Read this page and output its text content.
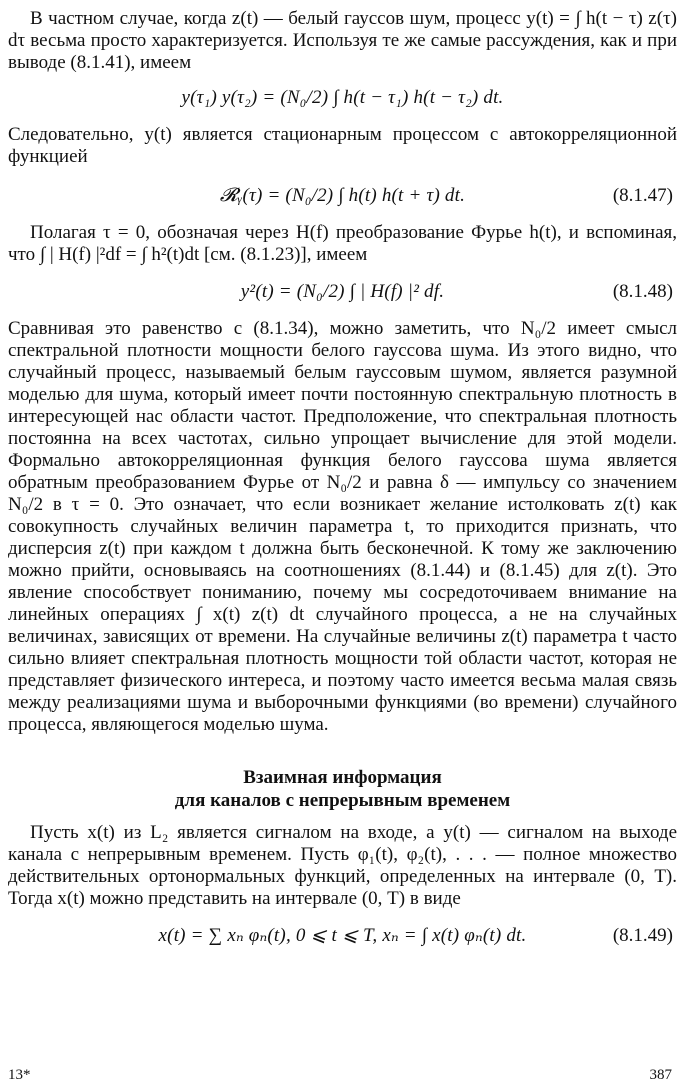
В частном случае, когда z(t) — белый гауссов шум, процесс y(t) = ∫ h(t − τ) z(τ) dτ весьма просто характеризуется. Используя те же самые рассуждения, как и при выводе (8.1.41), имеем

y(τ₁) y(τ₂) = (N₀/2) ∫ h(t − τ₁) h(t − τ₂) dt.

Следовательно, y(t) является стационарным процессом с автокорреляционной функцией

𝓡ᵧ(τ) = (N₀/2) ∫ h(t) h(t + τ) dt.	(8.1.47)

Полагая τ = 0, обозначая через H(f) преобразование Фурье h(t), и вспоминая, что ∫ | H(f) |²df = ∫ h²(t)dt [см. (8.1.23)], имеем

y²(t) = (N₀/2) ∫ | H(f) |² df.	(8.1.48)

Сравнивая это равенство с (8.1.34), можно заметить, что N₀/2 имеет смысл спектральной плотности мощности белого гауссова шума. Из этого видно, что случайный процесс, называемый белым гауссовым шумом, является разумной моделью для шума, который имеет почти постоянную спектральную плотность в интересующей нас области частот. Предположение, что спектральная плотность постоянна на всех частотах, сильно упрощает вычисление для этой модели. Формально автокорреляционная функция белого гауссова шума является обратным преобразованием Фурье от N₀/2 и равна δ — импульсу со значением N₀/2 в τ = 0. Это означает, что если возникает желание истолковать z(t) как совокупность случайных величин параметра t, то приходится признать, что дисперсия z(t) при каждом t должна быть бесконечной. К тому же заключению можно прийти, основываясь на соотношениях (8.1.44) и (8.1.45) для z(t). Это явление способствует пониманию, почему мы сосредоточиваем внимание на линейных операциях ∫ x(t) z(t) dt случайного процесса, а не на случайных величинах, зависящих от времени. На случайные величины z(t) параметра t часто сильно влияет спектральная плотность мощности той области частот, которая не представляет физического интереса, и поэтому часто имеется весьма малая связь между реализациями шума и выборочными функциями (во времени) случайного процесса, являющегося моделью шума.

Взаимная информация
для каналов с непрерывным временем

Пусть x(t) из L₂ является сигналом на входе, а y(t) — сигналом на выходе канала с непрерывным временем. Пусть φ₁(t), φ₂(t), . . . — полное множество действительных ортонормальных функций, определенных на интервале (0, T). Тогда x(t) можно представить на интервале (0, T) в виде

x(t) = ∑ xₙ φₙ(t), 0 ⩽ t ⩽ T, xₙ = ∫ x(t) φₙ(t) dt.	(8.1.49)
13*	387
